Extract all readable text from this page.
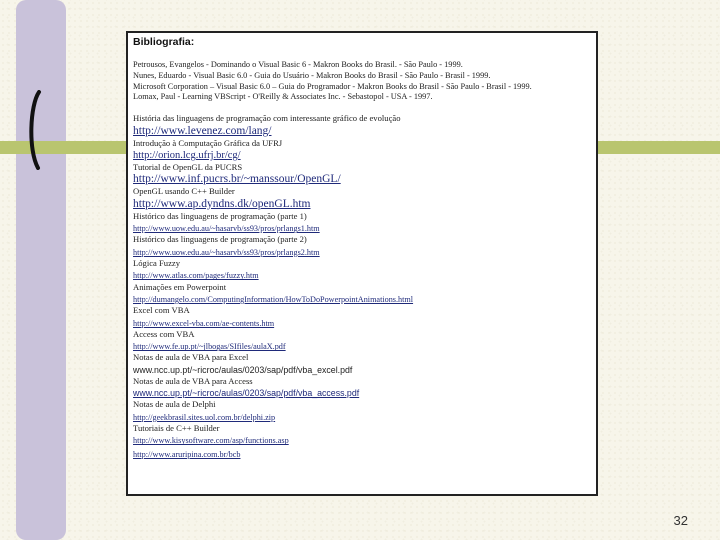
Bibliografia:
Petrousos, Evangelos - Dominando o Visual Basic 6 - Makron Books do Brasil. - São Paulo - 1999.
Nunes, Eduardo - Visual Basic 6.0 - Guia do Usuário - Makron Books do Brasil - São Paulo - Brasil - 1999.
Microsoft Corporation – Visual Basic 6.0 – Guia do Programador - Makron Books do Brasil - São Paulo - Brasil - 1999.
Lomax, Paul - Learning VBScript - O'Reilly & Associates Inc. - Sebastopol - USA - 1997.
História das linguagens de programação com interessante gráfico de evolução
http://www.levenez.com/lang/
Introdução à Computação Gráfica da UFRJ
http://orion.lcg.ufrj.br/cg/
Tutorial de OpenGL da PUCRS
http://www.inf.pucrs.br/~manssour/OpenGL/
OpenGL usando C++ Builder
http://www.ap.dyndns.dk/openGL.htm
Histórico das linguagens de programação (parte 1)
http://www.uow.edu.au/~hasarvb/ss93/pros/prlangs1.htm
Histórico das linguagens de programação (parte 2)
http://www.uow.edu.au/~hasarvb/ss93/pros/prlangs2.htm
Lógica Fuzzy
http://www.atlas.com/pages/fuzzy.htm
Animações em Powerpoint
http://dumangelo.com/ComputingInformation/HowToDoPowerpointAnimations.html
Excel com VBA
http://www.excel-vba.com/ae-contents.htm
Access com VBA
http://www.fe.up.pt/~jlbogas/SIfiles/aulaX.pdf
Notas de aula de VBA para Excel
www.ncc.up.pt/~ricroc/aulas/0203/sap/pdf/vba_excel.pdf
Notas de aula de VBA para Access
www.ncc.up.pt/~ricroc/aulas/0203/sap/pdf/vba_access.pdf
Notas de aula de Delphi
http://geekbrasil.sites.uol.com.br/delphi.zip
Tutoriais de C++ Builder
http://www.kisysoftware.com/asp/functions.asp
http://www.aruripina.com.br/bcb
32
